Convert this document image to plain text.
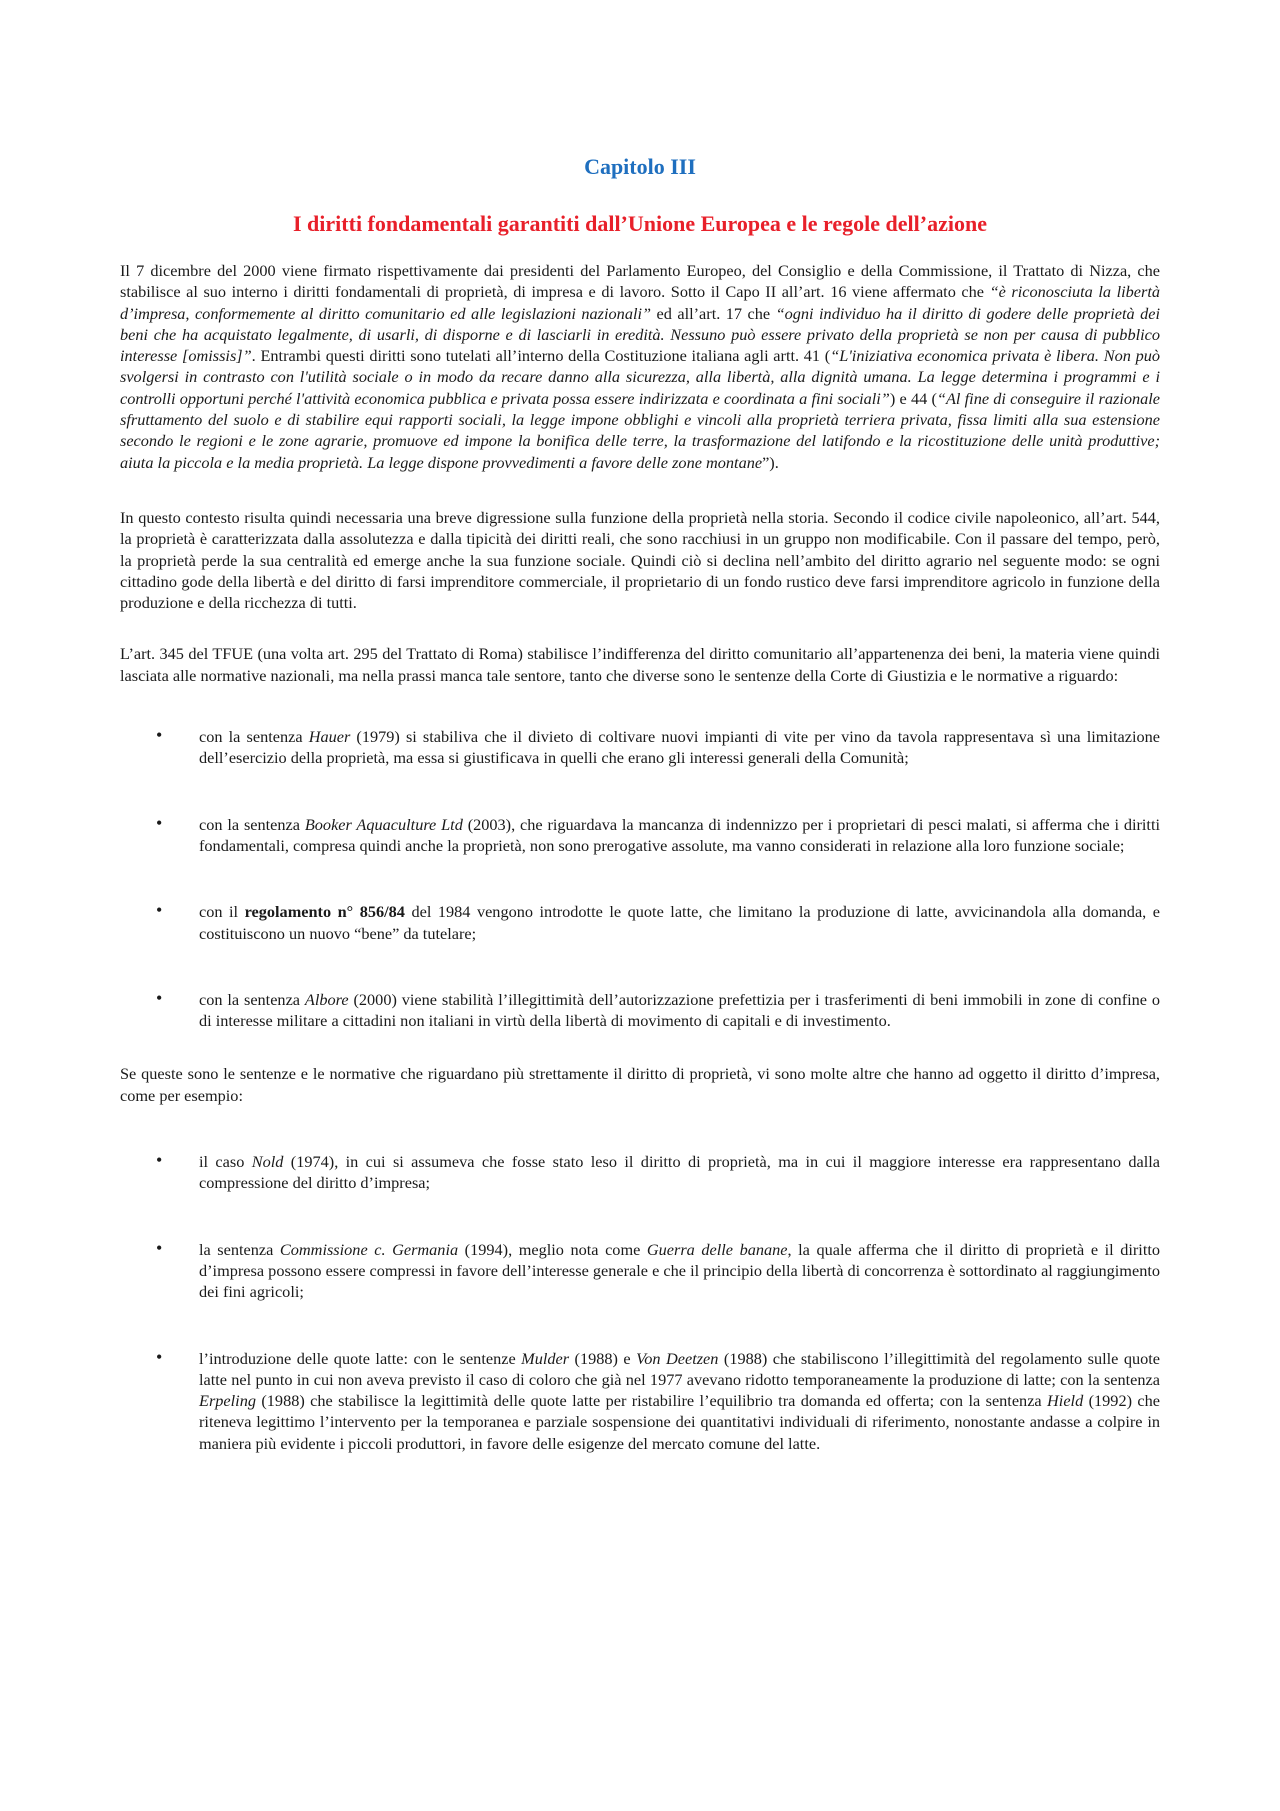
Capitolo III
I diritti fondamentali garantiti dall’Unione Europea e le regole dell’azione

Il 7 dicembre del 2000 viene firmato rispettivamente dai presidenti del Parlamento Europeo, del Consiglio e della Commissione, il Trattato di Nizza, che stabilisce al suo interno i diritti fondamentali di proprietà, di impresa e di lavoro. Sotto il Capo II all’art. 16 viene affermato che “è riconosciuta la libertà d’impresa, conformemente al diritto comunitario ed alle legislazioni nazionali” ed all’art. 17 che “ogni individuo ha il diritto di godere delle proprietà dei beni che ha acquistato legalmente, di usarli, di disporne e di lasciarli in eredità. Nessuno può essere privato della proprietà se non per causa di pubblico interesse [omissis]”. Entrambi questi diritti sono tutelati all’interno della Costituzione italiana agli artt. 41 (“L'iniziativa economica privata è libera. Non può svolgersi in contrasto con l'utilità sociale o in modo da recare danno alla sicurezza, alla libertà, alla dignità umana. La legge determina i programmi e i controlli opportuni perché l'attività economica pubblica e privata possa essere indirizzata e coordinata a fini sociali”) e 44 (“Al fine di conseguire il razionale sfruttamento del suolo e di stabilire equi rapporti sociali, la legge impone obblighi e vincoli alla proprietà terriera privata, fissa limiti alla sua estensione secondo le regioni e le zone agrarie, promuove ed impone la bonifica delle terre, la trasformazione del latifondo e la ricostituzione delle unità produttive; aiuta la piccola e la media proprietà. La legge dispone provvedimenti a favore delle zone montane”).

In questo contesto risulta quindi necessaria una breve digressione sulla funzione della proprietà nella storia. Secondo il codice civile napoleonico, all’art. 544, la proprietà è caratterizzata dalla assolutezza e dalla tipicità dei diritti reali, che sono racchiusi in un gruppo non modificabile. Con il passare del tempo, però, la proprietà perde la sua centralità ed emerge anche la sua funzione sociale. Quindi ciò si declina nell’ambito del diritto agrario nel seguente modo: se ogni cittadino gode della libertà e del diritto di farsi imprenditore commerciale, il proprietario di un fondo rustico deve farsi imprenditore agricolo in funzione della produzione e della ricchezza di tutti.

L’art. 345 del TFUE (una volta art. 295 del Trattato di Roma) stabilisce l’indifferenza del diritto comunitario all’appartenenza dei beni, la materia viene quindi lasciata alle normative nazionali, ma nella prassi manca tale sentore, tanto che diverse sono le sentenze della Corte di Giustizia e le normative a riguardo:

• con la sentenza Hauer (1979) si stabiliva che il divieto di coltivare nuovi impianti di vite per vino da tavola rappresentava sì una limitazione dell’esercizio della proprietà, ma essa si giustificava in quelli che erano gli interessi generali della Comunità;
• con la sentenza Booker Aquaculture Ltd (2003), che riguardava la mancanza di indennizzo per i proprietari di pesci malati, si afferma che i diritti fondamentali, compresa quindi anche la proprietà, non sono prerogative assolute, ma vanno considerati in relazione alla loro funzione sociale;
• con il regolamento n° 856/84 del 1984 vengono introdotte le quote latte, che limitano la produzione di latte, avvicinandola alla domanda, e costituiscono un nuovo “bene” da tutelare;
• con la sentenza Albore (2000) viene stabilità l’illegittimità dell’autorizzazione prefettizia per i trasferimenti di beni immobili in zone di confine o di interesse militare a cittadini non italiani in virtù della libertà di movimento di capitali e di investimento.

Se queste sono le sentenze e le normative che riguardano più strettamente il diritto di proprietà, vi sono molte altre che hanno ad oggetto il diritto d’impresa, come per esempio:

• il caso Nold (1974), in cui si assumeva che fosse stato leso il diritto di proprietà, ma in cui il maggiore interesse era rappresentano dalla compressione del diritto d’impresa;
• la sentenza Commissione c. Germania (1994), meglio nota come Guerra delle banane, la quale afferma che il diritto di proprietà e il diritto d’impresa possono essere compressi in favore dell’interesse generale e che il principio della libertà di concorrenza è sottordinato al raggiungimento dei fini agricoli;
• l’introduzione delle quote latte: con le sentenze Mulder (1988) e Von Deetzen (1988) che stabiliscono l’illegittimità del regolamento sulle quote latte nel punto in cui non aveva previsto il caso di coloro che già nel 1977 avevano ridotto temporaneamente la produzione di latte; con la sentenza Erpeling (1988) che stabilisce la legittimità delle quote latte per ristabilire l’equilibrio tra domanda ed offerta; con la sentenza Hield (1992) che riteneva legittimo l’intervento per la temporanea e parziale sospensione dei quantitativi individuali di riferimento, nonostante andasse a colpire in maniera più evidente i piccoli produttori, in favore delle esigenze del mercato comune del latte.
